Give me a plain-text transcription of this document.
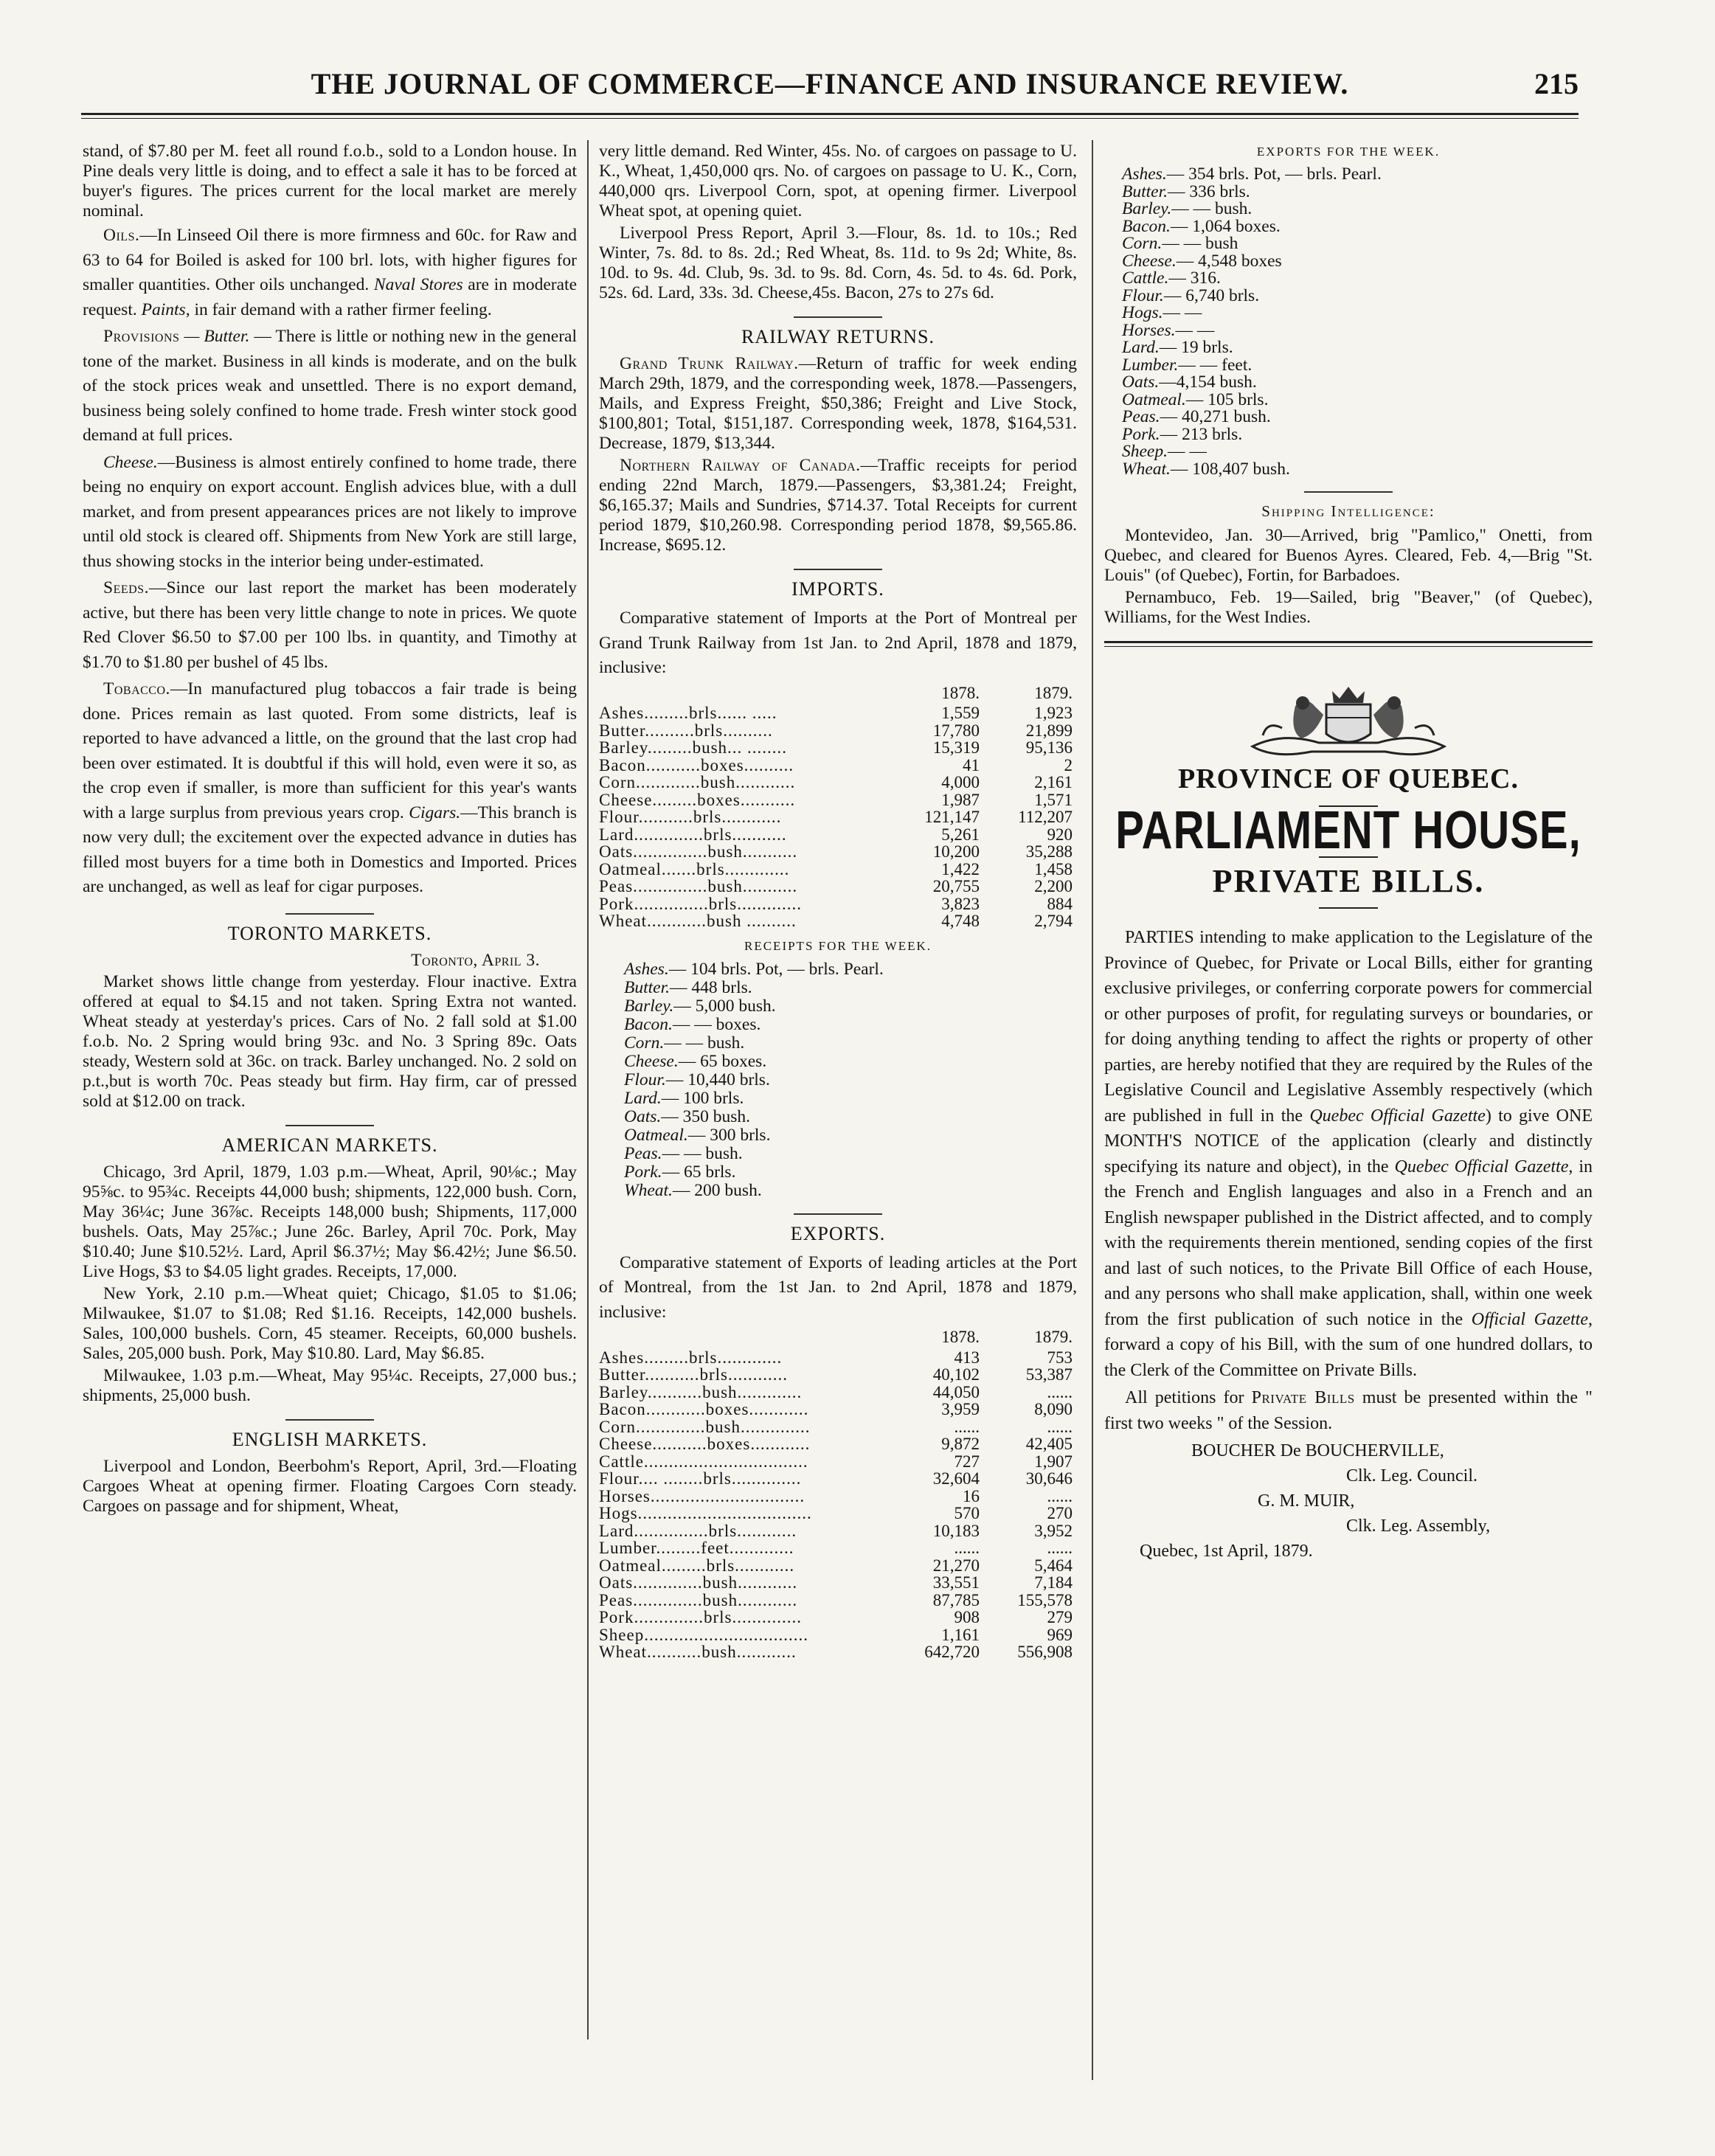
THE JOURNAL OF COMMERCE—FINANCE AND INSURANCE REVIEW.	215

stand, of $7.80 per M. feet all round f.o.b., sold to a London house. In Pine deals very little is doing, and to effect a sale it has to be forced at buyer's figures. The prices current for the local market are merely nominal.

Oils.—In Linseed Oil there is more firmness and 60c. for Raw and 63 to 64 for Boiled is asked for 100 brl. lots, with higher figures for smaller quantities. Other oils unchanged. Naval Stores are in moderate request. Paints, in fair demand with a rather firmer feeling.

Provisions — Butter. — There is little or nothing new in the general tone of the market. Business in all kinds is moderate, and on the bulk of the stock prices weak and unsettled. There is no export demand, business being solely confined to home trade. Fresh winter stock good demand at full prices.

Cheese.—Business is almost entirely confined to home trade, there being no enquiry on export account. English advices blue, with a dull market, and from present appearances prices are not likely to improve until old stock is cleared off. Shipments from New York are still large, thus showing stocks in the interior being under-estimated.

Seeds.—Since our last report the market has been moderately active, but there has been very little change to note in prices. We quote Red Clover $6.50 to $7.00 per 100 lbs. in quantity, and Timothy at $1.70 to $1.80 per bushel of 45 lbs.

Tobacco.—In manufactured plug tobaccos a fair trade is being done. Prices remain as last quoted. From some districts, leaf is reported to have advanced a little, on the ground that the last crop had been over estimated. It is doubtful if this will hold, even were it so, as the crop even if smaller, is more than sufficient for this year's wants with a large surplus from previous years crop. Cigars.—This branch is now very dull; the excitement over the expected advance in duties has filled most buyers for a time both in Domestics and Imported. Prices are unchanged, as well as leaf for cigar purposes.

TORONTO MARKETS.
Toronto, April 3.

Market shows little change from yesterday. Flour inactive. Extra offered at equal to $4.15 and not taken. Spring Extra not wanted. Wheat steady at yesterday's prices. Cars of No. 2 fall sold at $1.00 f.o.b. No. 2 Spring would bring 93c. and No. 3 Spring 89c. Oats steady, Western sold at 36c. on track. Barley unchanged. No. 2 sold on p.t.,but is worth 70c. Peas steady but firm. Hay firm, car of pressed sold at $12.00 on track.

AMERICAN MARKETS.

Chicago, 3rd April, 1879, 1.03 p.m.—Wheat, April, 90⅛c.; May 95⅝c. to 95¾c. Receipts 44,000 bush; shipments, 122,000 bush. Corn, May 36¼c; June 36⅞c. Receipts 148,000 bush; Shipments, 117,000 bushels. Oats, May 25⅞c.; June 26c. Barley, April 70c. Pork, May $10.40; June $10.52½. Lard, April $6.37½; May $6.42½; June $6.50. Live Hogs, $3 to $4.05 light grades. Receipts, 17,000.

New York, 2.10 p.m.—Wheat quiet; Chicago, $1.05 to $1.06; Milwaukee, $1.07 to $1.08; Red $1.16. Receipts, 142,000 bushels. Sales, 100,000 bushels. Corn, 45 steamer. Receipts, 60,000 bushels. Sales, 205,000 bush. Pork, May $10.80. Lard, May $6.85.

Milwaukee, 1.03 p.m.—Wheat, May 95¼c. Receipts, 27,000 bus.; shipments, 25,000 bush.

ENGLISH MARKETS.

Liverpool and London, Beerbohm's Report, April, 3rd.—Floating Cargoes Wheat at opening firmer. Floating Cargoes Corn steady. Cargoes on passage and for shipment, Wheat,

very little demand. Red Winter, 45s. No. of cargoes on passage to U. K., Wheat, 1,450,000 qrs. No. of cargoes on passage to U. K., Corn, 440,000 qrs. Liverpool Corn, spot, at opening firmer. Liverpool Wheat spot, at opening quiet.

Liverpool Press Report, April 3.—Flour, 8s. 1d. to 10s.; Red Winter, 7s. 8d. to 8s. 2d.; Red Wheat, 8s. 11d. to 9s 2d; White, 8s. 10d. to 9s. 4d. Club, 9s. 3d. to 9s. 8d. Corn, 4s. 5d. to 4s. 6d. Pork, 52s. 6d. Lard, 33s. 3d. Cheese,45s. Bacon, 27s to 27s 6d.

RAILWAY RETURNS.

Grand Trunk Railway.—Return of traffic for week ending March 29th, 1879, and the corresponding week, 1878.—Passengers, Mails, and Express Freight, $50,386; Freight and Live Stock, $100,801; Total, $151,187. Corresponding week, 1878, $164,531. Decrease, 1879, $13,344.

Northern Railway of Canada.—Traffic receipts for period ending 22nd March, 1879.—Passengers, $3,381.24; Freight, $6,165.37; Mails and Sundries, $714.37. Total Receipts for current period 1879, $10,260.98. Corresponding period 1878, $9,565.86. Increase, $695.12.

IMPORTS.

Comparative statement of Imports at the Port of Montreal per Grand Trunk Railway from 1st Jan. to 2nd April, 1878 and 1879, inclusive:

	1878.	1879.
Ashes.........brls...... .....	1,559	1,923
Butter..........brls..........	17,780	21,899
Barley.........bush... ........	15,319	95,136
Bacon...........boxes..........	41	2
Corn.............bush............	4,000	2,161
Cheese.........boxes...........	1,987	1,571
Flour...........brls............	121,147	112,207
Lard..............brls...........	5,261	920
Oats...............bush...........	10,200	35,288
Oatmeal.......brls.............	1,422	1,458
Peas...............bush...........	20,755	2,200
Pork...............brls.............	3,823	884
Wheat............bush ..........	4,748	2,794
RECEIPTS FOR THE WEEK.
Ashes.— 104 brls. Pot, — brls. Pearl.
Butter.— 448 brls.
Barley.— 5,000 bush.
Bacon.— — boxes.
Corn.— — bush.
Cheese.— 65 boxes.
Flour.— 10,440 brls.
Lard.— 100 brls.
Oats.— 350 bush.
Oatmeal.— 300 brls.
Peas.— — bush.
Pork.— 65 brls.
Wheat.— 200 bush.
EXPORTS.

Comparative statement of Exports of leading articles at the Port of Montreal, from the 1st Jan. to 2nd April, 1878 and 1879, inclusive:

	1878.	1879.
Ashes.........brls.............	413	753
Butter...........brls............	40,102	53,387
Barley...........bush.............	44,050	......
Bacon............boxes............	3,959	8,090
Corn..............bush..............	......	......
Cheese...........boxes............	9,872	42,405
Cattle.................................	727	1,907
Flour.... ........brls..............	32,604	30,646
Horses...............................	16	......
Hogs...................................	570	270
Lard...............brls............	10,183	3,952
Lumber.........feet.............	......	......
Oatmeal.........brls............	21,270	5,464
Oats..............bush............	33,551	7,184
Peas..............bush............	87,785	155,578
Pork..............brls..............	908	279
Sheep.................................	1,161	969
Wheat...........bush............	642,720	556,908
EXPORTS FOR THE WEEK.
Ashes.— 354 brls. Pot, — brls. Pearl.
Butter.— 336 brls.
Barley.— — bush.
Bacon.— 1,064 boxes.
Corn.— — bush
Cheese.— 4,548 boxes
Cattle.— 316.
Flour.— 6,740 brls.
Hogs.— —
Horses.— —
Lard.— 19 brls.
Lumber.— — feet.
Oats.—4,154 bush.
Oatmeal.— 105 brls.
Peas.— 40,271 bush.
Pork.— 213 brls.
Sheep.— —
Wheat.— 108,407 bush.
Shipping Intelligence:

Montevideo, Jan. 30—Arrived, brig "Pamlico," Onetti, from Quebec, and cleared for Buenos Ayres. Cleared, Feb. 4,—Brig "St. Louis" (of Quebec), Fortin, for Barbadoes.

Pernambuco, Feb. 19—Sailed, brig "Beaver," (of Quebec), Williams, for the West Indies.

PROVINCE OF QUEBEC.
PARLIAMENT HOUSE,
PRIVATE BILLS.

PARTIES intending to make application to the Legislature of the Province of Quebec, for Private or Local Bills, either for granting exclusive privileges, or conferring corporate powers for commercial or other purposes of profit, for regulating surveys or boundaries, or for doing anything tending to affect the rights or property of other parties, are hereby notified that they are required by the Rules of the Legislative Council and Legislative Assembly respectively (which are published in full in the Quebec Official Gazette) to give ONE MONTH'S NOTICE of the application (clearly and distinctly specifying its nature and object), in the Quebec Official Gazette, in the French and English languages and also in a French and an English newspaper published in the District affected, and to comply with the requirements therein mentioned, sending copies of the first and last of such notices, to the Private Bill Office of each House, and any persons who shall make application, shall, within one week from the first publication of such notice in the Official Gazette, forward a copy of his Bill, with the sum of one hundred dollars, to the Clerk of the Committee on Private Bills.

All petitions for Private Bills must be presented within the " first two weeks " of the Session.

BOUCHER De BOUCHERVILLE,
Clk. Leg. Council.
G. M. MUIR,
Clk. Leg. Assembly,
Quebec, 1st April, 1879.
